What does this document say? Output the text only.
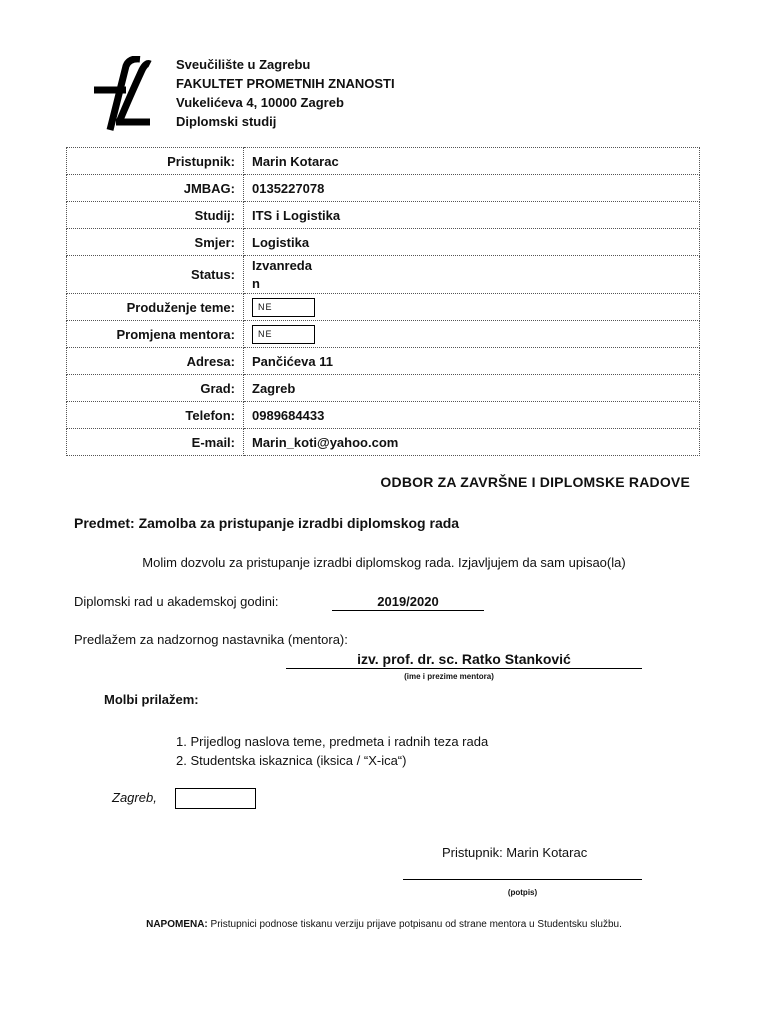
Sveučilište u Zagrebu
FAKULTET PROMETNIH ZNANOSTI
Vukelićeva 4, 10000 Zagreb
Diplomski studij
Pristupnik:	Marin Kotarac
JMBAG:	0135227078
Studij:	ITS i Logistika
Smjer:	Logistika
Status:	Izvanreda
n
Produženje teme:	NE
Promjena mentora:	NE
Adresa:	Pančićeva 11
Grad:	Zagreb
Telefon:	0989684433
E-mail:	Marin_koti@yahoo.com
ODBOR ZA ZAVRŠNE I DIPLOMSKE RADOVE
Predmet: Zamolba za pristupanje izradbi diplomskog rada
Molim dozvolu za pristupanje izradbi diplomskog rada. Izjavljujem da sam upisao(la)
Diplomski rad u akademskoj godini:	2019/2020
Predlažem za nadzornog nastavnika (mentora):
izv. prof. dr. sc. Ratko Stanković
(ime i prezime mentora)
Molbi prilažem:
1. Prijedlog naslova teme, predmeta i radnih teza rada
2. Studentska iskaznica (iksica / “X-ica“)
Zagreb,
Pristupnik: Marin Kotarac
(potpis)
NAPOMENA: Pristupnici podnose tiskanu verziju prijave potpisanu od strane mentora u Studentsku službu.
